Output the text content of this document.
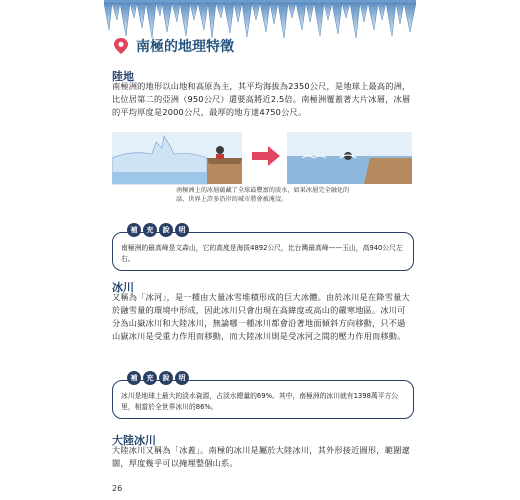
南極的地理特徵
陸地
南極洲的地形以山地和高原為主，其平均海拔為2350公尺，是地球上最高的洲，比位居第二的亞洲（950公尺）還要高將近2.5倍。南極洲覆蓋著大片冰層，冰層的平均厚度是2000公尺，最厚的地方達4750公尺。
南極洲上的冰層蘊藏了全球最豐富的淡水，如果冰層完全融化的話，世界上許多沿岸的城市將會被淹沒。
補	充	說	明
南極洲的最高峰是文森山，它的高度是海拔4892公尺，比台灣最高峰——玉山，高940公尺左右。
冰川
又稱為「冰河」，是一種由大量冰雪堆積形成的巨大冰體。由於冰川是在降雪量大於融雪量的環境中形成，因此冰川只會出現在高緯度或高山的嚴寒地區。冰川可分為山嶽冰川和大陸冰川，無論哪一種冰川都會沿著地面傾斜方向移動，只不過山嶽冰川是受重力作用而移動，而大陸冰川則是受冰河之間的壓力作用而移動。
補	充	說	明
冰川是地球上最大的淡水資源，占淡水總量的69%。其中，南極洲的冰川就有1398萬平方公里，相當於全世界冰川的86%。
大陸冰川
大陸冰川又稱為「冰蓋」。南極的冰川是屬於大陸冰川，其外形接近圓形，範圍遼闊，厚度幾乎可以掩埋整個山系。
26
